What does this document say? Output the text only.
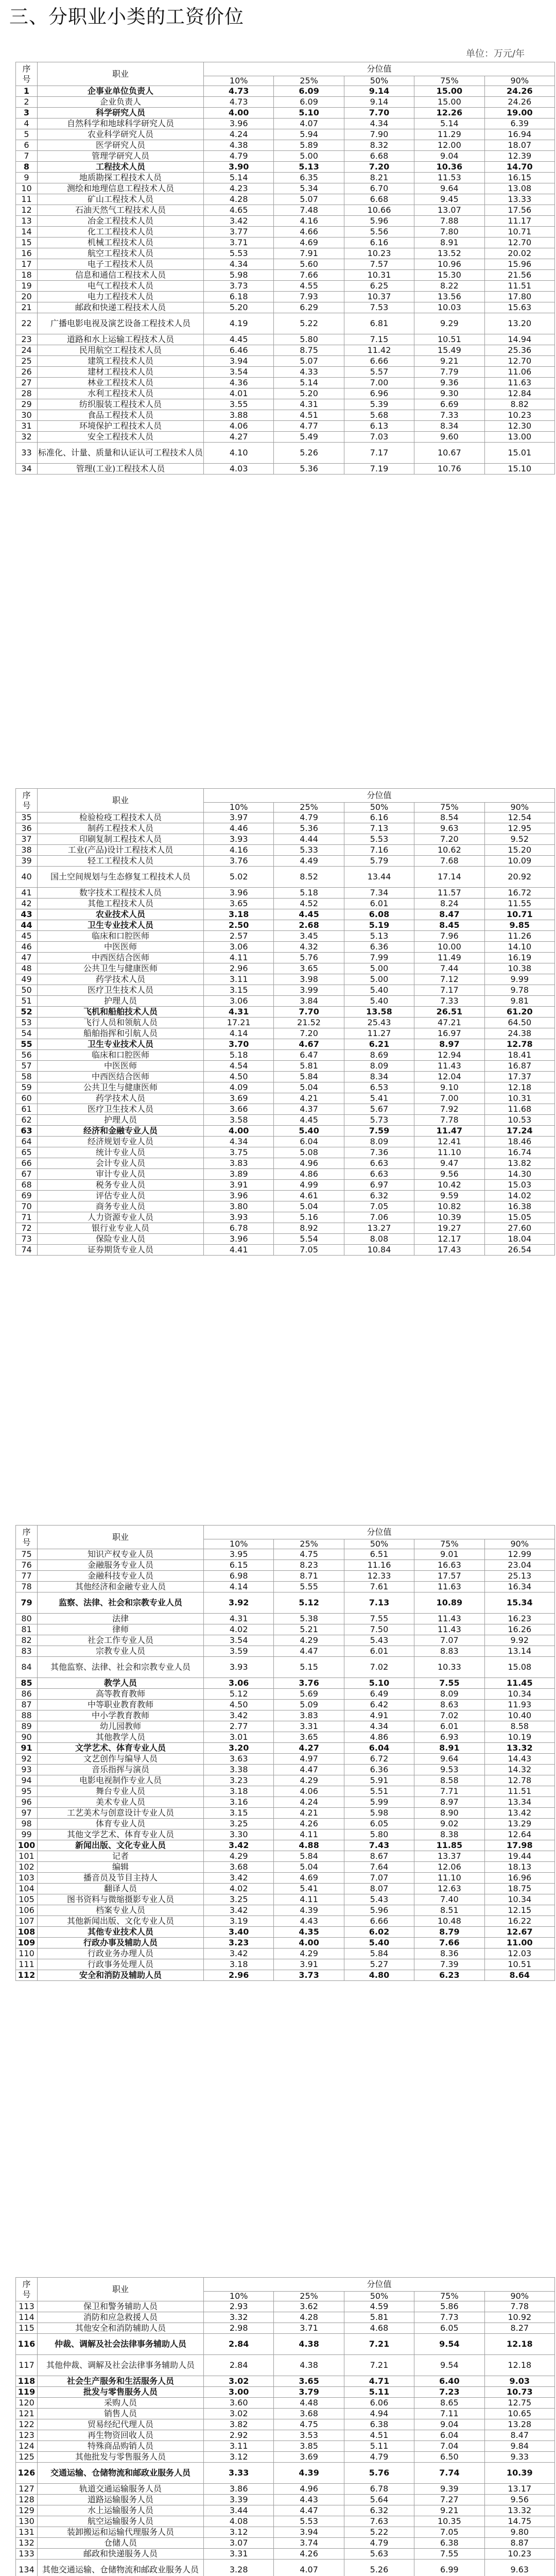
三、分职业小类的工资价位
单位：万元/年
序
号	职业	分位值				
		10%	25%	50%	75%	90%
1	企事业单位负责人	4.73	6.09	9.14	15.00	24.26
2	企业负责人	4.73	6.09	9.14	15.00	24.26
3	科学研究人员	4.00	5.10	7.70	12.26	19.00
4	自然科学和地球科学研究人员	3.96	4.07	4.34	5.14	6.39
5	农业科学研究人员	4.24	5.94	7.90	11.29	16.94
6	医学研究人员	4.38	5.89	8.32	12.00	18.07
7	管理学研究人员	4.79	5.00	6.68	9.04	12.39
8	工程技术人员	3.90	5.13	7.20	10.36	14.70
9	地质勘探工程技术人员	5.14	6.35	8.21	11.53	16.15
10	测绘和地理信息工程技术人员	4.23	5.34	6.70	9.64	13.08
11	矿山工程技术人员	4.28	5.07	6.68	9.45	13.33
12	石油天然气工程技术人员	4.65	7.48	10.66	13.07	17.56
13	冶金工程技术人员	3.42	4.16	5.96	7.88	11.17
14	化工工程技术人员	3.77	4.66	5.56	7.80	10.71
15	机械工程技术人员	3.71	4.69	6.16	8.91	12.70
16	航空工程技术人员	5.53	7.91	10.23	13.52	20.02
17	电子工程技术人员	4.34	5.60	7.57	10.96	15.96
18	信息和通信工程技术人员	5.98	7.66	10.31	15.30	21.56
19	电气工程技术人员	3.73	4.55	6.25	8.22	11.51
20	电力工程技术人员	6.18	7.93	10.37	13.56	17.80
21	邮政和快递工程技术人员	5.20	6.29	7.53	10.03	15.63
22	广播电影电视及演艺设备工程技术人员	4.19	5.22	6.81	9.29	13.20
23	道路和水上运输工程技术人员	4.45	5.80	7.15	10.51	14.94
24	民用航空工程技术人员	6.46	8.75	11.42	15.49	25.36
25	建筑工程技术人员	3.94	5.07	6.66	9.21	12.70
26	建材工程技术人员	3.54	4.33	5.57	7.79	11.06
27	林业工程技术人员	4.36	5.14	7.00	9.36	11.63
28	水利工程技术人员	4.01	5.20	6.96	9.30	12.84
29	纺织服装工程技术人员	3.55	4.31	5.39	6.69	8.82
30	食品工程技术人员	3.88	4.51	5.68	7.33	10.23
31	环境保护工程技术人员	4.06	4.77	6.13	8.34	12.30
32	安全工程技术人员	4.27	5.49	7.03	9.60	13.00
33	标准化、计量、质量和认证认可工程技术人员	4.10	5.26	7.17	10.67	15.01
34	管理(工业)工程技术人员	4.03	5.36	7.19	10.76	15.10
序
号	职业	分位值				
		10%	25%	50%	75%	90%
35	检验检疫工程技术人员	3.97	4.79	6.16	8.54	12.54
36	制药工程技术人员	4.46	5.36	7.13	9.63	12.95
37	印刷复制工程技术人员	3.93	4.44	5.53	7.20	9.52
38	工业(产品)设计工程技术人员	4.16	5.33	7.16	10.62	15.20
39	轻工工程技术人员	3.76	4.49	5.79	7.68	10.09
40	国土空间规划与生态修复工程技术人员	5.02	8.52	13.44	17.14	20.92
41	数字技术工程技术人员	3.96	5.18	7.34	11.57	16.72
42	其他工程技术人员	3.65	4.52	6.01	8.24	11.55
43	农业技术人员	3.18	4.45	6.08	8.47	10.71
44	卫生专业技术人员	2.50	2.68	5.19	8.45	9.85
45	临床和口腔医师	2.57	3.45	5.13	7.96	11.26
46	中医医师	3.06	4.32	6.36	10.00	14.10
47	中西医结合医师	4.11	5.76	7.99	11.49	16.19
48	公共卫生与健康医师	2.96	3.65	5.00	7.44	10.38
49	药学技术人员	3.11	3.98	5.00	7.12	9.99
50	医疗卫生技术人员	3.15	3.99	5.40	7.17	9.78
51	护理人员	3.06	3.84	5.40	7.33	9.81
52	飞机和船舶技术人员	4.31	7.70	13.58	26.51	61.20
53	飞行人员和领航人员	17.21	21.52	25.43	47.21	64.50
54	船舶指挥和引航人员	4.14	7.20	11.27	16.97	24.38
55	卫生专业技术人员	3.70	4.67	6.21	8.97	12.78
56	临床和口腔医师	5.18	6.47	8.69	12.94	18.41
57	中医医师	4.54	5.81	8.09	11.43	16.87
58	中西医结合医师	4.50	5.84	8.34	12.04	17.37
59	公共卫生与健康医师	4.09	5.04	6.53	9.10	12.18
60	药学技术人员	3.69	4.21	5.41	7.00	10.31
61	医疗卫生技术人员	3.66	4.37	5.67	7.92	11.68
62	护理人员	3.58	4.45	5.73	7.78	10.53
63	经济和金融专业人员	4.00	5.40	7.59	11.47	17.24
64	经济规划专业人员	4.34	6.04	8.09	12.41	18.46
65	统计专业人员	3.75	5.08	7.36	11.10	16.74
66	会计专业人员	3.83	4.96	6.63	9.47	13.82
67	审计专业人员	3.89	4.86	6.63	9.56	14.30
68	税务专业人员	3.91	4.99	6.97	10.42	15.03
69	评估专业人员	3.96	4.61	6.32	9.59	14.02
70	商务专业人员	3.80	5.04	7.05	10.82	16.38
71	人力资源专业人员	3.93	5.16	7.06	10.39	15.05
72	银行业专业人员	6.78	8.92	13.27	19.27	27.60
73	保险专业人员	3.96	5.54	8.08	12.17	18.04
74	证券期货专业人员	4.41	7.05	10.84	17.43	26.54
序
号	职业	分位值				
		10%	25%	50%	75%	90%
75	知识产权专业人员	3.95	4.75	6.51	9.01	12.99
76	金融服务专业人员	6.15	8.23	11.16	16.63	23.04
77	金融科技专业人员	6.98	8.71	12.33	17.57	25.13
78	其他经济和金融专业人员	4.14	5.55	7.61	11.63	16.34
79	监察、法律、社会和宗教专业人员	3.92	5.12	7.13	10.89	15.34
80	法律	4.31	5.38	7.55	11.43	16.23
81	律师	4.02	5.21	7.50	11.43	16.26
82	社会工作专业人员	3.54	4.29	5.43	7.07	9.92
83	宗教专业人员	3.59	4.47	6.01	8.83	13.14
84	其他监察、法律、社会和宗教专业人员	3.93	5.15	7.02	10.33	15.08
85	教学人员	3.06	3.76	5.10	7.55	11.45
86	高等教育教师	5.12	5.69	6.49	8.09	10.34
87	中等职业教育教师	4.50	5.09	6.42	8.63	11.93
88	中小学教育教师	3.42	3.83	4.91	7.02	10.40
89	幼儿园教师	2.77	3.31	4.34	6.01	8.58
90	其他教学人员	3.01	3.65	4.86	6.93	10.19
91	文学艺术、体育专业人员	3.20	4.27	6.04	8.91	13.32
92	文艺创作与编导人员	3.63	4.97	6.72	9.64	14.43
93	音乐指挥与演员	3.38	4.47	6.36	9.53	14.32
94	电影电视制作专业人员	3.23	4.29	5.91	8.58	12.78
95	舞台专业人员	3.18	4.06	5.51	7.71	11.51
96	美术专业人员	3.16	4.24	5.99	8.97	13.34
97	工艺美术与创意设计专业人员	3.15	4.21	5.98	8.90	13.42
98	体育专业人员	3.25	4.26	6.05	9.02	13.29
99	其他文学艺术、体育专业人员	3.30	4.11	5.80	8.38	12.64
100	新闻出版、文化专业人员	3.42	4.88	7.43	11.85	17.98
101	记者	4.29	5.84	8.67	13.37	19.44
102	编辑	3.68	5.04	7.64	12.06	18.13
103	播音员及节目主持人	3.42	4.69	7.07	11.10	16.96
104	翻译人员	4.02	5.41	8.07	12.63	18.75
105	图书资料与微缩摄影专业人员	3.25	4.11	5.43	7.40	10.34
106	档案专业人员	3.42	4.39	5.96	8.51	12.15
107	其他新闻出版、文化专业人员	3.19	4.43	6.66	10.48	16.22
108	其他专业技术人员	3.40	4.35	6.02	8.79	12.67
109	行政办事及辅助人员	3.23	4.00	5.40	7.66	11.00
110	行政业务办理人员	3.42	4.29	5.84	8.36	12.03
111	行政事务处理人员	3.18	3.91	5.27	7.39	10.51
112	安全和消防及辅助人员	2.96	3.73	4.80	6.23	8.64
序
号	职业	分位值				
		10%	25%	50%	75%	90%
113	保卫和警务辅助人员	2.93	3.62	4.59	5.86	7.78
114	消防和应急救援人员	3.32	4.28	5.81	7.73	10.92
115	其他安全和消防辅助人员	2.98	3.71	4.68	6.05	8.27
116	仲裁、调解及社会法律事务辅助人员	2.84	4.38	7.21	9.54	12.18
117	其他仲裁、调解及社会法律事务辅助人员	2.84	4.38	7.21	9.54	12.18
118	社会生产服务和生活服务人员	3.02	3.65	4.71	6.40	9.03
119	批发与零售服务人员	3.00	3.79	5.11	7.23	10.73
120	采购人员	3.60	4.48	6.06	8.65	12.75
121	销售人员	3.02	3.68	4.94	7.11	10.65
122	贸易经纪代理人员	3.82	4.75	6.38	9.04	13.28
123	再生物资回收人员	2.92	3.53	4.51	6.04	8.47
124	特殊商品购销人员	3.11	3.85	5.11	7.04	9.84
125	其他批发与零售服务人员	3.12	3.69	4.79	6.50	9.33
126	交通运输、仓储物流和邮政业服务人员	3.33	4.39	5.76	7.74	10.39
127	轨道交通运输服务人员	3.86	4.96	6.78	9.39	13.17
128	道路运输服务人员	3.39	4.43	5.64	7.27	9.56
129	水上运输服务人员	3.44	4.47	6.32	9.21	13.32
130	航空运输服务人员	4.08	5.53	7.63	10.35	14.75
131	装卸搬运和运输代理服务人员	3.12	3.94	5.22	7.05	9.80
132	仓储人员	3.07	3.74	4.79	6.38	8.87
133	邮政和快递服务人员	3.31	4.26	5.63	7.55	10.23
134	其他交通运输、仓储物流和邮政业服务人员	3.28	4.07	5.26	6.99	9.63
